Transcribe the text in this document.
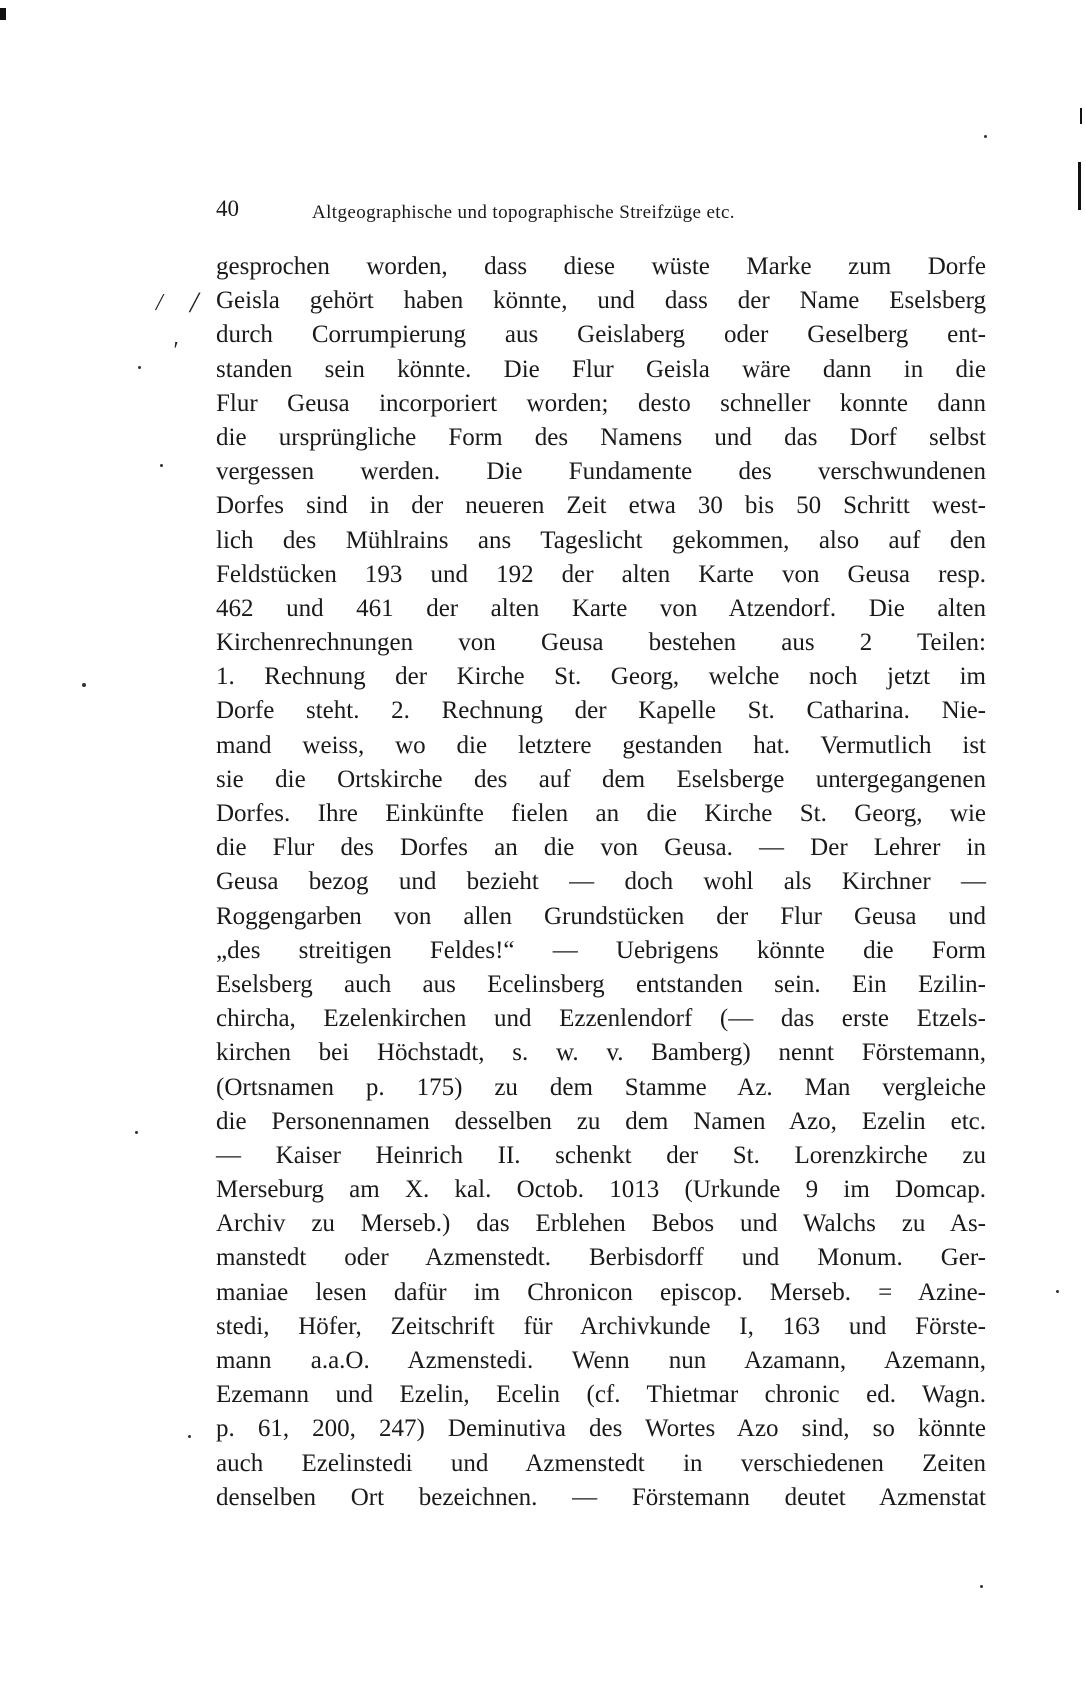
/ /
′
40	Altgeographische und topographische Streifzüge etc.
gesprochen worden, dass diese wüste Marke zum Dorfe
Geisla gehört haben könnte, und dass der Name Eselsberg
durch Corrumpierung aus Geislaberg oder Geselberg ent-
standen sein könnte. Die Flur Geisla wäre dann in die
Flur Geusa incorporiert worden; desto schneller konnte dann
die ursprüngliche Form des Namens und das Dorf selbst
vergessen werden. Die Fundamente des verschwundenen
Dorfes sind in der neueren Zeit etwa 30 bis 50 Schritt west-
lich des Mühlrains ans Tageslicht gekommen, also auf den
Feldstücken 193 und 192 der alten Karte von Geusa resp.
462 und 461 der alten Karte von Atzendorf. Die alten
Kirchenrechnungen von Geusa bestehen aus 2 Teilen:
1. Rechnung der Kirche St. Georg, welche noch jetzt im
Dorfe steht. 2. Rechnung der Kapelle St. Catharina. Nie-
mand weiss, wo die letztere gestanden hat. Vermutlich ist
sie die Ortskirche des auf dem Eselsberge untergegangenen
Dorfes. Ihre Einkünfte fielen an die Kirche St. Georg, wie
die Flur des Dorfes an die von Geusa. — Der Lehrer in
Geusa bezog und bezieht — doch wohl als Kirchner —
Roggengarben von allen Grundstücken der Flur Geusa und
„des streitigen Feldes!“ — Uebrigens könnte die Form
Eselsberg auch aus Ecelinsberg entstanden sein. Ein Ezilin-
chircha, Ezelenkirchen und Ezzenlendorf (— das erste Etzels-
kirchen bei Höchstadt, s. w. v. Bamberg) nennt Förstemann,
(Ortsnamen p. 175) zu dem Stamme Az. Man vergleiche
die Personennamen desselben zu dem Namen Azo, Ezelin etc.
— Kaiser Heinrich II. schenkt der St. Lorenzkirche zu
Merseburg am X. kal. Octob. 1013 (Urkunde 9 im Domcap.
Archiv zu Merseb.) das Erblehen Bebos und Walchs zu As-
manstedt oder Azmenstedt. Berbisdorff und Monum. Ger-
maniae lesen dafür im Chronicon episcop. Merseb. = Azine-
stedi, Höfer, Zeitschrift für Archivkunde I, 163 und Förste-
mann a.a.O. Azmenstedi. Wenn nun Azamann, Azemann,
Ezemann und Ezelin, Ecelin (cf. Thietmar chronic ed. Wagn.
p. 61, 200, 247) Deminutiva des Wortes Azo sind, so könnte
auch Ezelinstedi und Azmenstedt in verschiedenen Zeiten
denselben Ort bezeichnen. — Förstemann deutet Azmenstat
